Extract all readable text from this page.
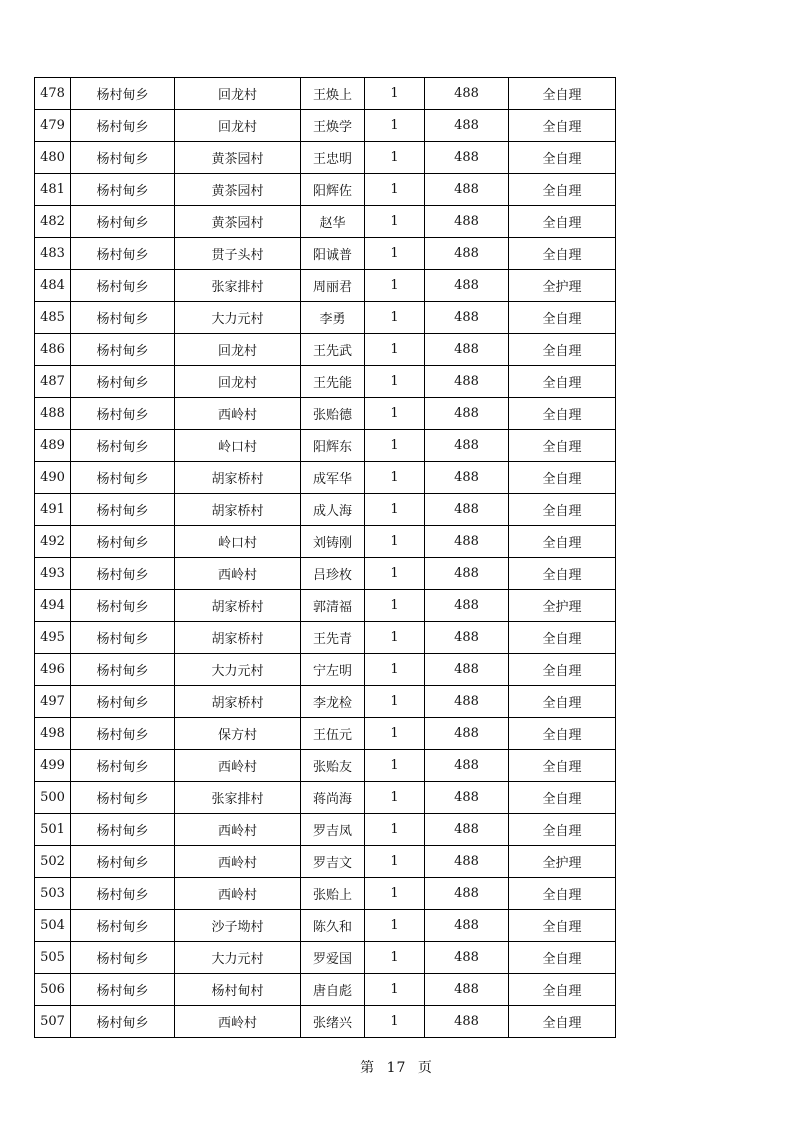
478	杨村甸乡	回龙村	王焕上	1	488	全自理
479	杨村甸乡	回龙村	王焕学	1	488	全自理
480	杨村甸乡	黄茶园村	王忠明	1	488	全自理
481	杨村甸乡	黄茶园村	阳辉佐	1	488	全自理
482	杨村甸乡	黄茶园村	赵华	1	488	全自理
483	杨村甸乡	贯子头村	阳诚普	1	488	全自理
484	杨村甸乡	张家排村	周丽君	1	488	全护理
485	杨村甸乡	大力元村	李勇	1	488	全自理
486	杨村甸乡	回龙村	王先武	1	488	全自理
487	杨村甸乡	回龙村	王先能	1	488	全自理
488	杨村甸乡	西岭村	张贻德	1	488	全自理
489	杨村甸乡	岭口村	阳辉东	1	488	全自理
490	杨村甸乡	胡家桥村	成军华	1	488	全自理
491	杨村甸乡	胡家桥村	成人海	1	488	全自理
492	杨村甸乡	岭口村	刘铸刚	1	488	全自理
493	杨村甸乡	西岭村	吕珍枚	1	488	全自理
494	杨村甸乡	胡家桥村	郭清福	1	488	全护理
495	杨村甸乡	胡家桥村	王先青	1	488	全自理
496	杨村甸乡	大力元村	宁左明	1	488	全自理
497	杨村甸乡	胡家桥村	李龙检	1	488	全自理
498	杨村甸乡	保方村	王伍元	1	488	全自理
499	杨村甸乡	西岭村	张贻友	1	488	全自理
500	杨村甸乡	张家排村	蒋尚海	1	488	全自理
501	杨村甸乡	西岭村	罗吉凤	1	488	全自理
502	杨村甸乡	西岭村	罗吉文	1	488	全护理
503	杨村甸乡	西岭村	张贻上	1	488	全自理
504	杨村甸乡	沙子坳村	陈久和	1	488	全自理
505	杨村甸乡	大力元村	罗爱国	1	488	全自理
506	杨村甸乡	杨村甸村	唐自彪	1	488	全自理
507	杨村甸乡	西岭村	张绪兴	1	488	全自理
第 17 页
